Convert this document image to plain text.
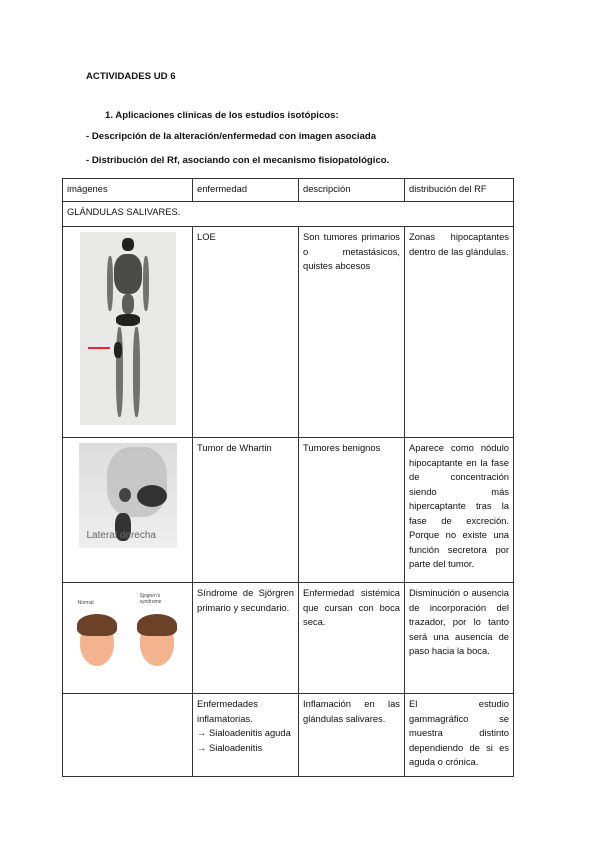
ACTIVIDADES UD 6
1. Aplicaciones clínicas de los estudios isotópicos:
- Descripción de la alteración/enfermedad con imagen asociada
- Distribución del Rf, asociando con el mecanismo fisiopatológico.
imágenes	enfermedad	descripción	distribución del RF
GLÁNDULAS SALIVARES.			

	LOE	Son tumores primarios o metastásicos, quistes abcesos	Zonas hipocaptantes dentro de las glándulas.

Lateral derecha	Tumor de Whartin	Tumores benignos	Aparece como nódulo hipocaptante en la fase de concentración siendo más hipercaptante tras la fase de excreción. Porque no existe una función secretora por parte del tumor.

Normal
Sjogren's syndrome	Síndrome de Sjörgren primario y secundario.	Enfermedad sistémica que cursan con boca seca.	Disminución o ausencia de incorporación del trazador, por lo tanto será una ausencia de paso hacia la boca.

	Enfermedades inflamatorias.
→ Sialoadenitis aguda
→ Sialoadenitis	Inflamación en las glándulas salivares.	El estudio gammagráfico se muestra distinto dependiendo de si es aguda o crónica.
